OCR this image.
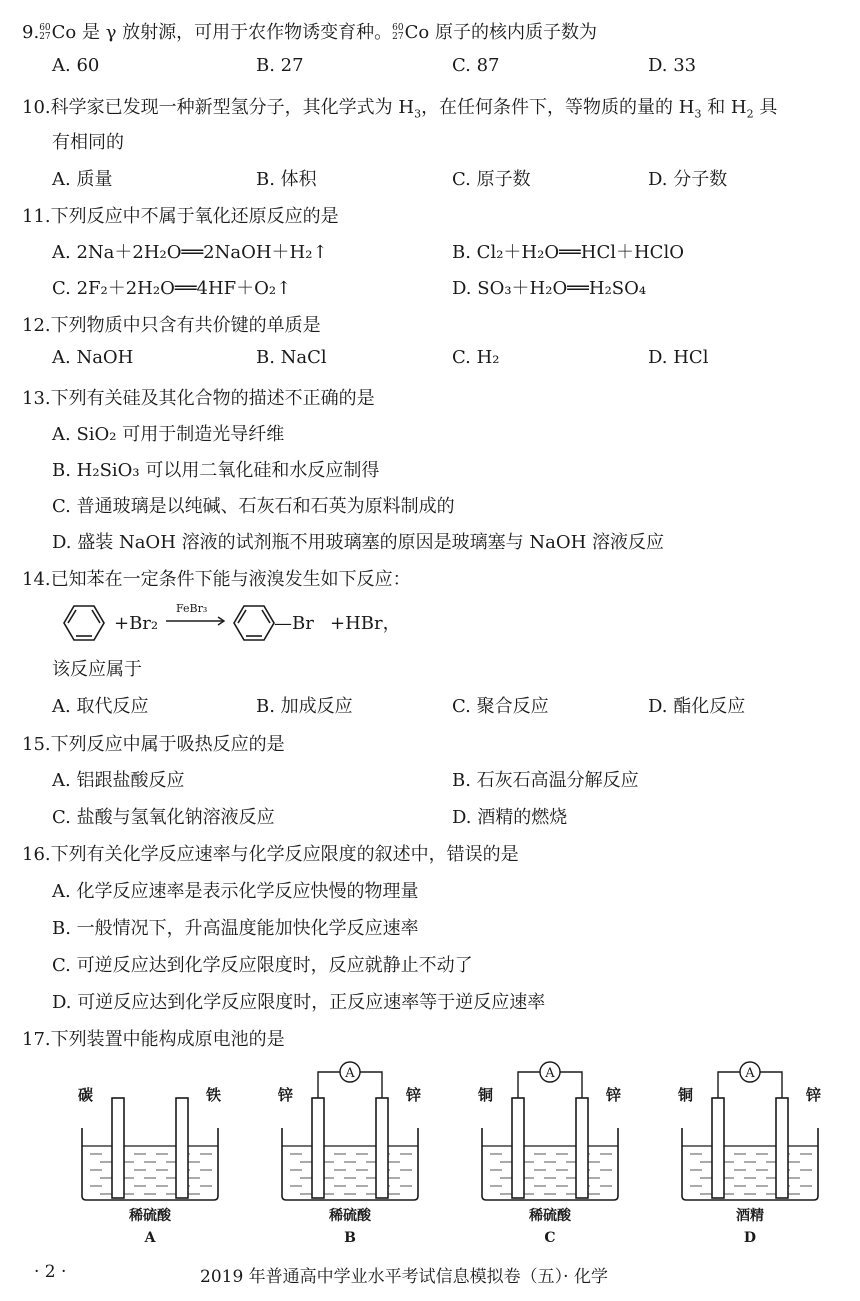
9.60
27Co 是 γ 放射源，可用于农作物诱变育种。60
27Co 原子的核内质子数为
A. 60	B. 27	C. 87	D. 33
10.科学家已发现一种新型氢分子，其化学式为 $H_3$，在任何条件下，等物质的量的 $H_3$ 和 $H_2$ 具
有相同的
A. 质量	B. 体积	C. 原子数	D. 分子数
11.下列反应中不属于氧化还原反应的是
A. 2Na＋2H₂O══2NaOH＋H₂↑	B. Cl₂＋H₂O══HCl＋HClO
C. 2F₂＋2H₂O══4HF＋O₂↑	D. SO₃＋H₂O══H₂SO₄
12.下列物质中只含有共价键的单质是
A. NaOH	B. NaCl	C. H₂	D. HCl
13.下列有关硅及其化合物的描述不正确的是
A. SiO₂ 可用于制造光导纤维
B. H₂SiO₃ 可以用二氧化硅和水反应制得
C. 普通玻璃是以纯碱、石灰石和石英为原料制成的
D. 盛装 NaOH 溶液的试剂瓶不用玻璃塞的原因是玻璃塞与 NaOH 溶液反应
14.已知苯在一定条件下能与液溴发生如下反应：
+Br₂
FeBr₃
—Br +HBr，
该反应属于
A. 取代反应	B. 加成反应	C. 聚合反应	D. 酯化反应
15.下列反应中属于吸热反应的是
A. 铝跟盐酸反应	B. 石灰石高温分解反应
C. 盐酸与氢氧化钠溶液反应	D. 酒精的燃烧
16.下列有关化学反应速率与化学反应限度的叙述中，错误的是
A. 化学反应速率是表示化学反应快慢的物理量
B. 一般情况下，升高温度能加快化学反应速率
C. 可逆反应达到化学反应限度时，反应就静止不动了
D. 可逆反应达到化学反应限度时，正反应速率等于逆反应速率
17.下列装置中能构成原电池的是
碳	铁
稀硫酸
A
A
锌	锌
稀硫酸
B
A
铜	锌
稀硫酸
C
A
铜	锌
酒精
D
· 2 ·	2019 年普通高中学业水平考试信息模拟卷（五）· 化学
